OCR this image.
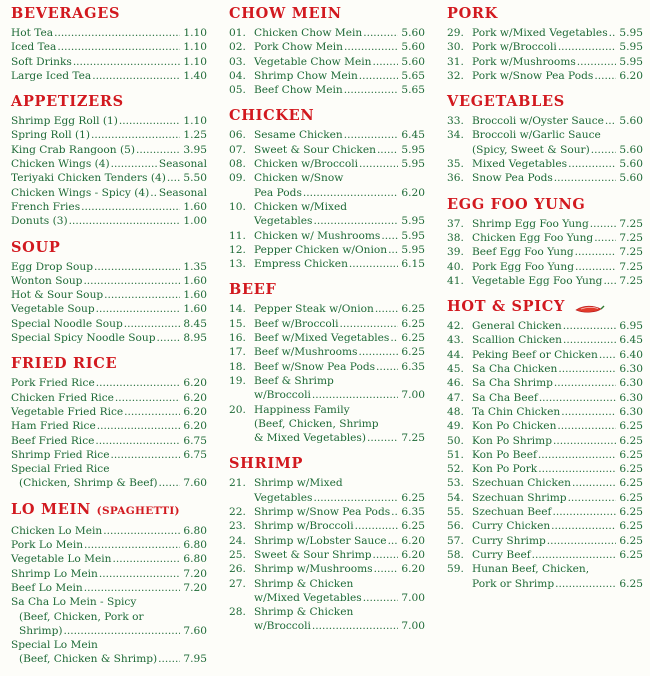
BEVERAGES
Hot Tea .....	1.10
Iced Tea .....	1.10
Soft Drinks .....	1.10
Large Iced Tea .....	1.40
APPETIZERS
Shrimp Egg Roll (1) .....	1.10
Spring Roll (1) .....	1.25
King Crab Rangoon (5) .....	3.95
Chicken Wings (4) .....	Seasonal
Teriyaki Chicken Tenders (4) ..... 5.50
Chicken Wings - Spicy (4) ..... Seasonal
French Fries .....	1.60
Donuts (3) .....	1.00
SOUP
Egg Drop Soup .....	1.35
Wonton Soup .....	1.60
Hot & Sour Soup .....	1.60
Vegetable Soup .....	1.60
Special Noodle Soup .....	8.45
Special Spicy Noodle Soup .....	8.95
FRIED RICE
Pork Fried Rice .....	6.20
Chicken Fried Rice .....	6.20
Vegetable Fried Rice .....	6.20
Ham Fried Rice .....	6.20
Beef Fried Rice .....	6.75
Shrimp Fried Rice .....	6.75
Special Fried Rice
(Chicken, Shrimp & Beef) ..... 7.60
LO MEIN (SPAGHETTI)
Chicken Lo Mein .....	6.80
Pork Lo Mein .....	6.80
Vegetable Lo Mein .....	6.80
Shrimp Lo Mein .....	7.20
Beef Lo Mein .....	7.20
Sa Cha Lo Mein - Spicy
(Beef, Chicken, Pork or
Shrimp) .....	7.60
Special Lo Mein
(Beef, Chicken & Shrimp) ..... 7.95
CHOW MEIN
01. Chicken Chow Mein .....	5.60
02. Pork Chow Mein .....	5.60
03. Vegetable Chow Mein .....	5.60
04. Shrimp Chow Mein .....	5.65
05. Beef Chow Mein .....	5.65
CHICKEN
06. Sesame Chicken .....	6.45
07. Sweet & Sour Chicken ..... 5.95
08. Chicken w/Broccoli .....	5.95
09. Chicken w/Snow
Pea Pods .....	6.20
10. Chicken w/Mixed
Vegetables .....	5.95
11. Chicken w/ Mushrooms ..... 5.95
12. Pepper Chicken w/Onion ..... 5.95
13. Empress Chicken .....	6.15
BEEF
14. Pepper Steak w/Onion .....	6.25
15. Beef w/Broccoli .....	6.25
16. Beef w/Mixed Vegetables ..... 6.25
17. Beef w/Mushrooms .....	6.25
18. Beef w/Snow Pea Pods ..... 6.35
19. Beef & Shrimp
w/Broccoli .....	7.00
20. Happiness Family
(Beef, Chicken, Shrimp
& Mixed Vegetables) .....	7.25
SHRIMP
21. Shrimp w/Mixed
Vegetables .....	6.25
22. Shrimp w/Snow Pea Pods ..... 6.35
23. Shrimp w/Broccoli .....	6.25
24. Shrimp w/Lobster Sauce ..... 6.20
25. Sweet & Sour Shrimp .....	6.20
26. Shrimp w/Mushrooms .....	6.20
27. Shrimp & Chicken
w/Mixed Vegetables .....	7.00
28. Shrimp & Chicken
w/Broccoli .....	7.00
PORK
29. Pork w/Mixed Vegetables ..... 5.95
30. Pork w/Broccoli .....	5.95
31. Pork w/Mushrooms .....	5.95
32. Pork w/Snow Pea Pods ..... 6.20
VEGETABLES
33. Broccoli w/Oyster Sauce ..... 5.60
34. Broccoli w/Garlic Sauce
(Spicy, Sweet & Sour) .....	5.60
35. Mixed Vegetables .....	5.60
36. Snow Pea Pods .....	5.60
EGG FOO YUNG
37. Shrimp Egg Foo Yung .....	7.25
38. Chicken Egg Foo Yung ..... 7.25
39. Beef Egg Foo Yung .....	7.25
40. Pork Egg Foo Yung .....	7.25
41. Vegetable Egg Foo Yung ..... 7.25
HOT & SPICY
42. General Chicken .....	6.95
43. Scallion Chicken .....	6.45
44. Peking Beef or Chicken ..... 6.40
45. Sa Cha Chicken .....	6.30
46. Sa Cha Shrimp .....	6.30
47. Sa Cha Beef .....	6.30
48. Ta Chin Chicken .....	6.30
49. Kon Po Chicken .....	6.25
50. Kon Po Shrimp .....	6.25
51. Kon Po Beef .....	6.25
52. Kon Po Pork .....	6.25
53. Szechuan Chicken .....	6.25
54. Szechuan Shrimp .....	6.25
55. Szechuan Beef .....	6.25
56. Curry Chicken .....	6.25
57. Curry Shrimp .....	6.25
58. Curry Beef .....	6.25
59. Hunan Beef, Chicken,
Pork or Shrimp .....	6.25
